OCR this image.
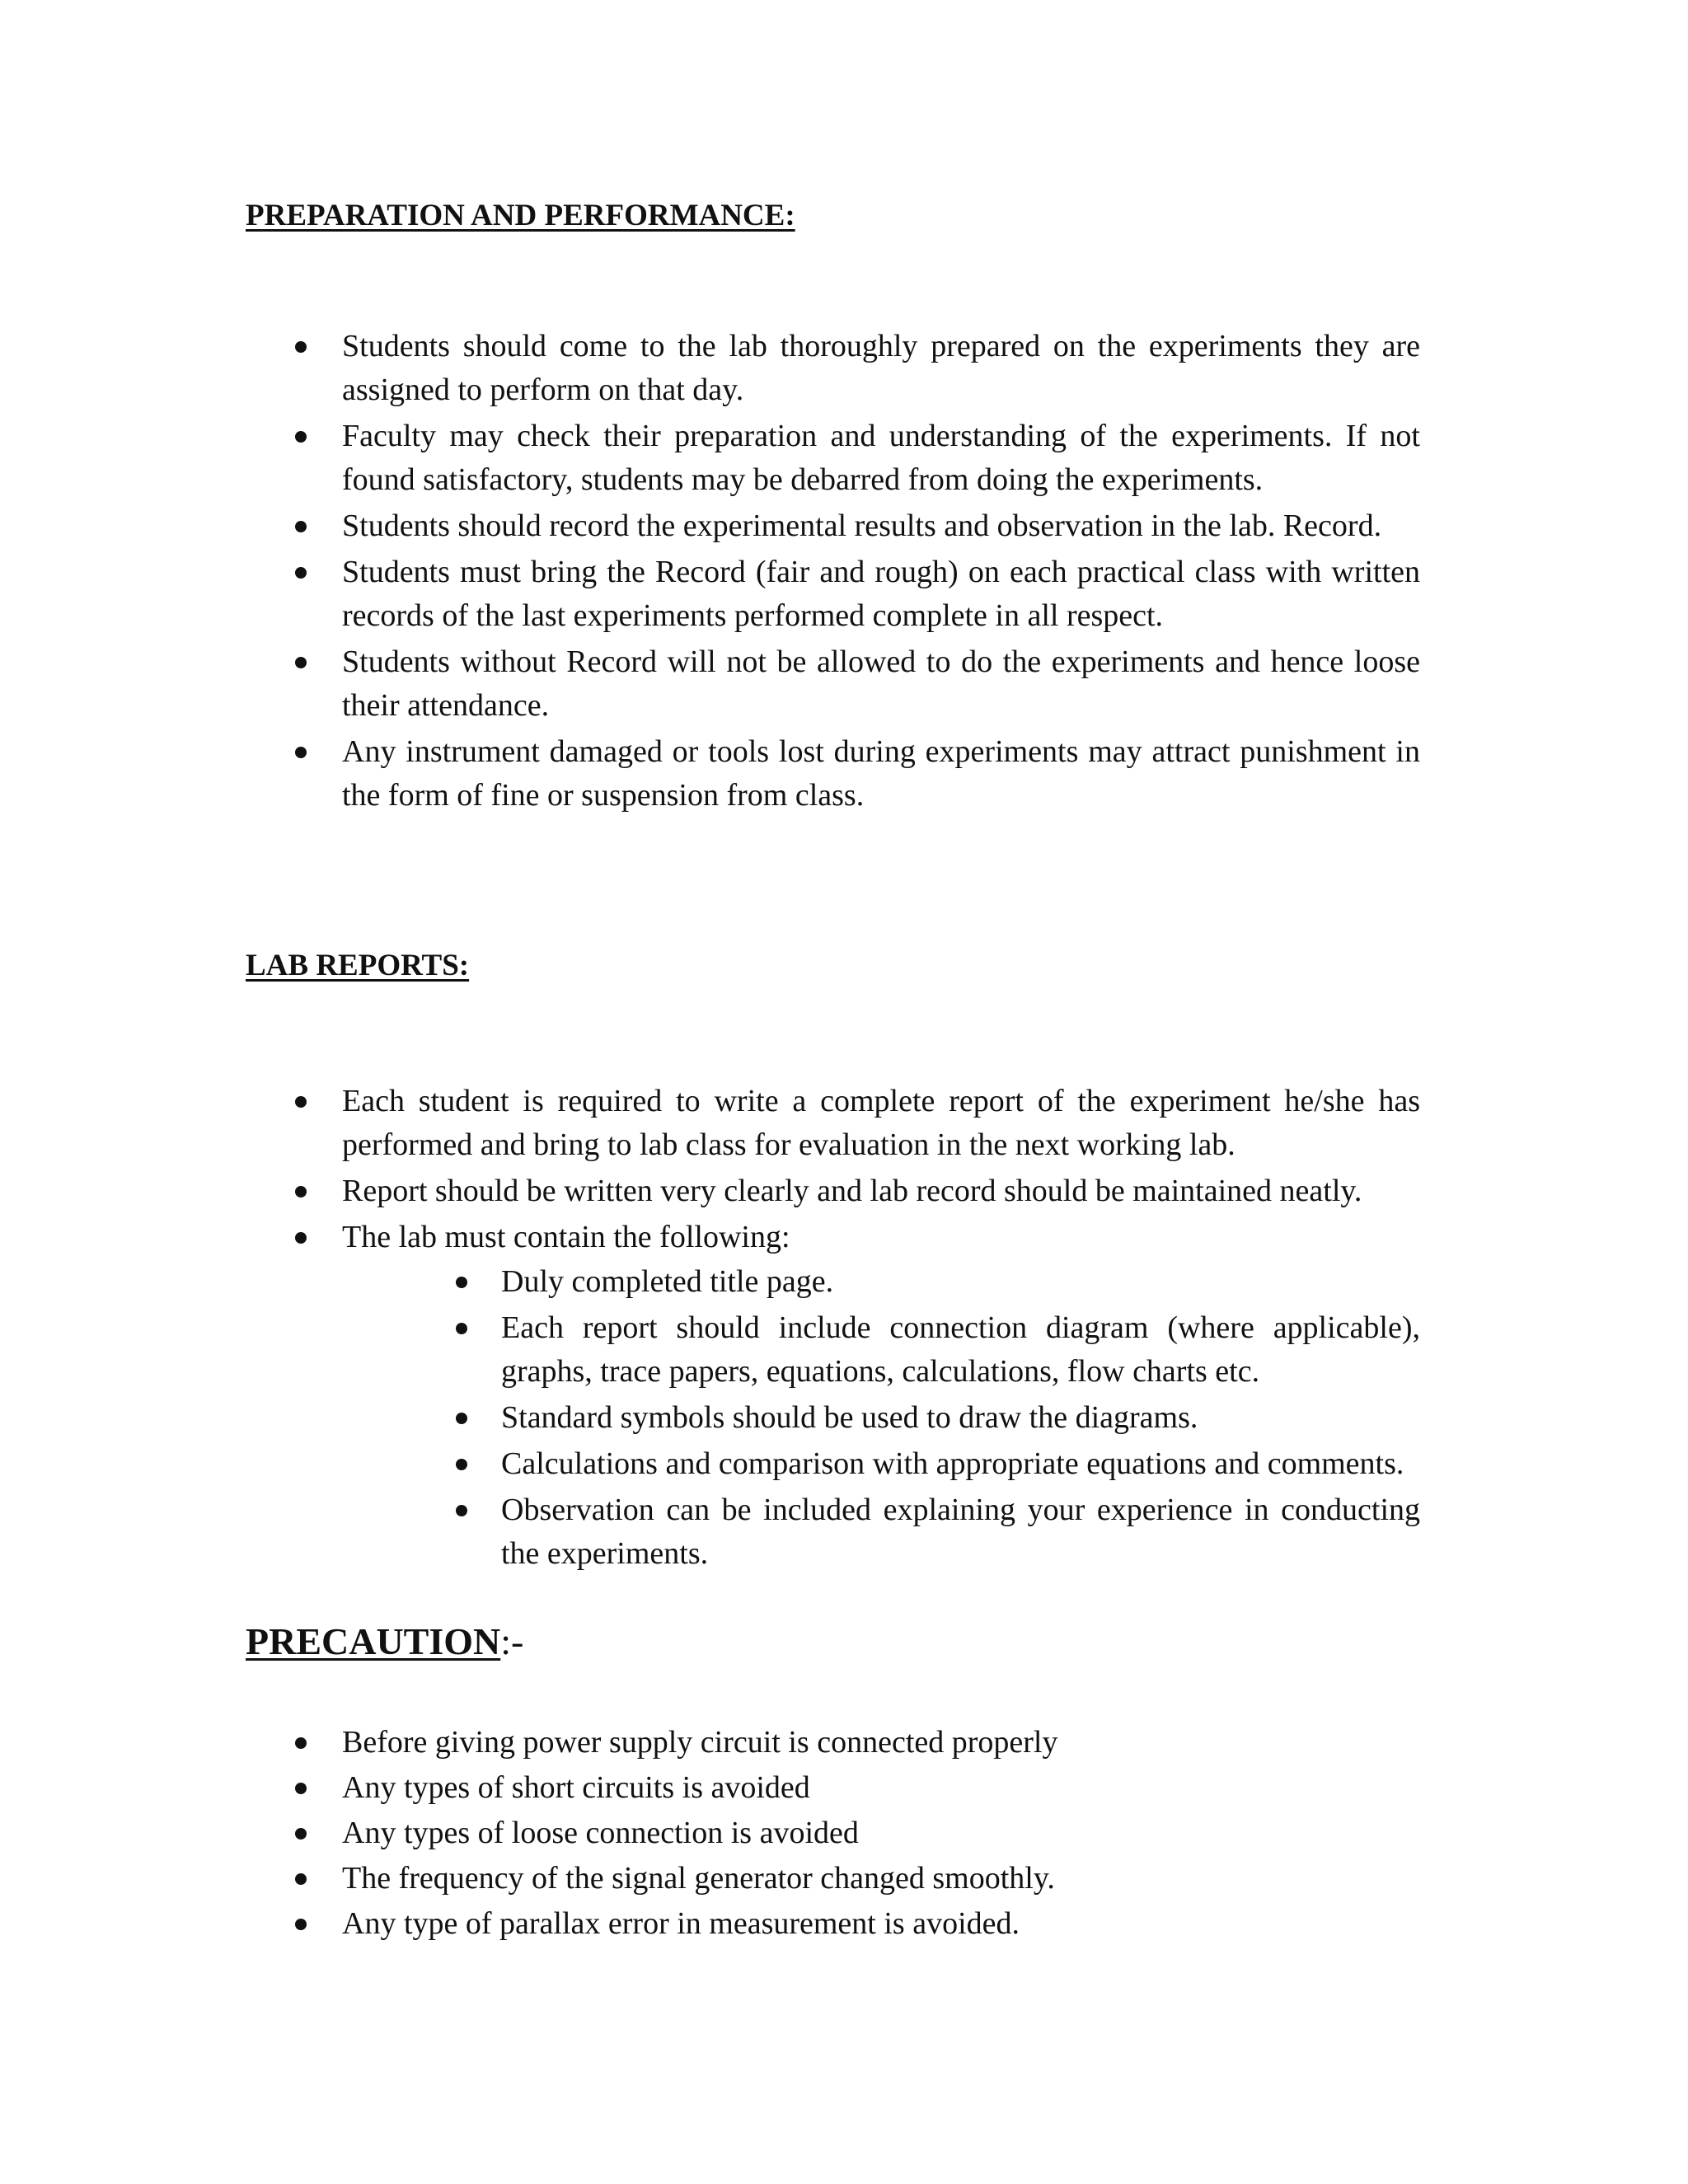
PREPARATION AND PERFORMANCE:
Students should come to the lab thoroughly prepared on the experiments they are assigned to perform on that day.
Faculty may check their preparation and understanding of the experiments. If not found satisfactory, students may be debarred from doing the experiments.
Students should record the experimental results and observation in the lab. Record.
Students must bring the Record (fair and rough) on each practical class with written records of the last experiments performed complete in all respect.
Students without Record will not be allowed to do the experiments and hence loose their attendance.
Any instrument damaged or tools lost during experiments may attract punishment in the form of fine or suspension from class.
LAB REPORTS:
Each student is required to write a complete report of the experiment he/she has performed and bring to lab class for evaluation in the next working lab.
Report should be written very clearly and lab record should be maintained neatly.
The lab must contain the following:
Duly completed title page.
Each report should include connection diagram (where applicable), graphs, trace papers, equations, calculations, flow charts etc.
Standard symbols should be used to draw the diagrams.
Calculations and comparison with appropriate equations and comments.
Observation can be included explaining your experience in conducting the experiments.
PRECAUTION:-
Before giving power supply circuit is connected properly
Any types of short circuits is avoided
Any types of loose connection is avoided
The frequency of the signal generator changed smoothly.
Any type of parallax error in measurement is avoided.
